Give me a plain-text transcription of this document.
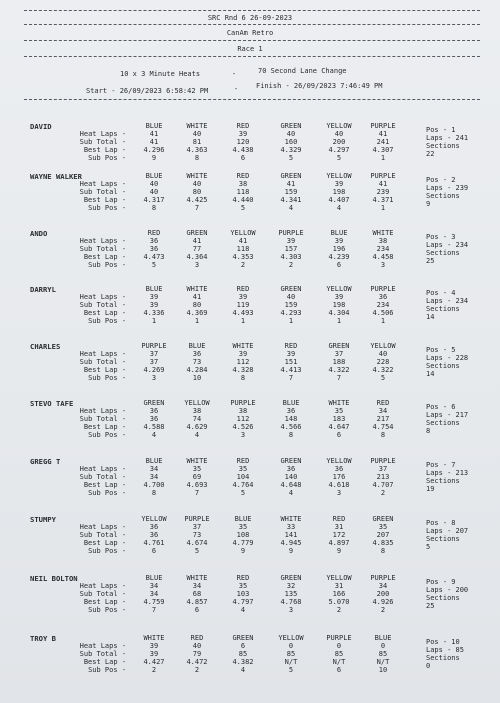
SRC Rnd 6 26-09-2023
CanAm Retro
Race 1
10 x 3 Minute Heats	-	70 Second Lane Change
Start - 26/09/2023 6:58:42 PM	-	Finish - 26/09/2023 7:46:49 PM
DAVID	BLUE	WHITE	RED	GREEN	YELLOW	PURPLE
Heat Laps -	41	40	39	40	40	41
Sub Total -	41	81	120	160	200	241
Best Lap -	4.296	4.363	4.438	4.329	4.297	4.307
Sub Pos -	9	8	6	5	5	1
Pos - 1
Laps - 241
Sections
22
WAYNE WALKER	BLUE	WHITE	RED	GREEN	YELLOW	PURPLE
Heat Laps -	40	40	38	41	39	41
Sub Total -	40	80	118	159	198	239
Best Lap -	4.317	4.425	4.440	4.341	4.407	4.371
Sub Pos -	8	7	5	4	4	1
Pos - 2
Laps - 239
Sections
9
ANDO	RED	GREEN	YELLOW	PURPLE	BLUE	WHITE
Heat Laps -	36	41	41	39	39	38
Sub Total -	36	77	118	157	196	234
Best Lap -	4.473	4.364	4.353	4.303	4.239	4.458
Sub Pos -	5	3	2	2	6	3
Pos - 3
Laps - 234
Sections
25
DARRYL	BLUE	WHITE	RED	GREEN	YELLOW	PURPLE
Heat Laps -	39	41	39	40	39	36
Sub Total -	39	80	119	159	198	234
Best Lap -	4.336	4.369	4.493	4.293	4.304	4.506
Sub Pos -	1	1	1	1	1	1
Pos - 4
Laps - 234
Sections
14
CHARLES	PURPLE	BLUE	WHITE	RED	GREEN	YELLOW
Heat Laps -	37	36	39	39	37	40
Sub Total -	37	73	112	151	188	228
Best Lap -	4.269	4.284	4.328	4.413	4.322	4.322
Sub Pos -	3	10	8	7	7	5
Pos - 5
Laps - 228
Sections
14
STEVO TAFE	GREEN	YELLOW	PURPLE	BLUE	WHITE	RED
Heat Laps -	36	38	38	36	35	34
Sub Total -	36	74	112	148	183	217
Best Lap -	4.588	4.629	4.526	4.566	4.647	4.754
Sub Pos -	4	4	3	8	6	8
Pos - 6
Laps - 217
Sections
8
GREGG T	BLUE	WHITE	RED	GREEN	YELLOW	PURPLE
Heat Laps -	34	35	35	36	36	37
Sub Total -	34	69	104	140	176	213
Best Lap -	4.700	4.693	4.764	4.648	4.618	4.707
Sub Pos -	8	7	5	4	3	2
Pos - 7
Laps - 213
Sections
19
STUMPY	YELLOW	PURPLE	BLUE	WHITE	RED	GREEN
Heat Laps -	36	37	35	33	31	35
Sub Total -	36	73	108	141	172	207
Best Lap -	4.761	4.674	4.779	4.945	4.897	4.835
Sub Pos -	6	5	9	9	9	8
Pos - 8
Laps - 207
Sections
5
NEIL BOLTON	BLUE	WHITE	RED	GREEN	YELLOW	PURPLE
Heat Laps -	34	34	35	32	31	34
Sub Total -	34	68	103	135	166	200
Best Lap -	4.759	4.857	4.797	4.768	5.070	4.926
Sub Pos -	7	6	4	3	2	2
Pos - 9
Laps - 200
Sections
25
TROY B	WHITE	RED	GREEN	YELLOW	PURPLE	BLUE
Heat Laps -	39	40	6	0	0	0
Sub Total -	39	79	85	85	85	85
Best Lap -	4.427	4.472	4.382	N/T	N/T	N/T
Sub Pos -	2	2	4	5	6	10
Pos - 10
Laps - 85
Sections
0
